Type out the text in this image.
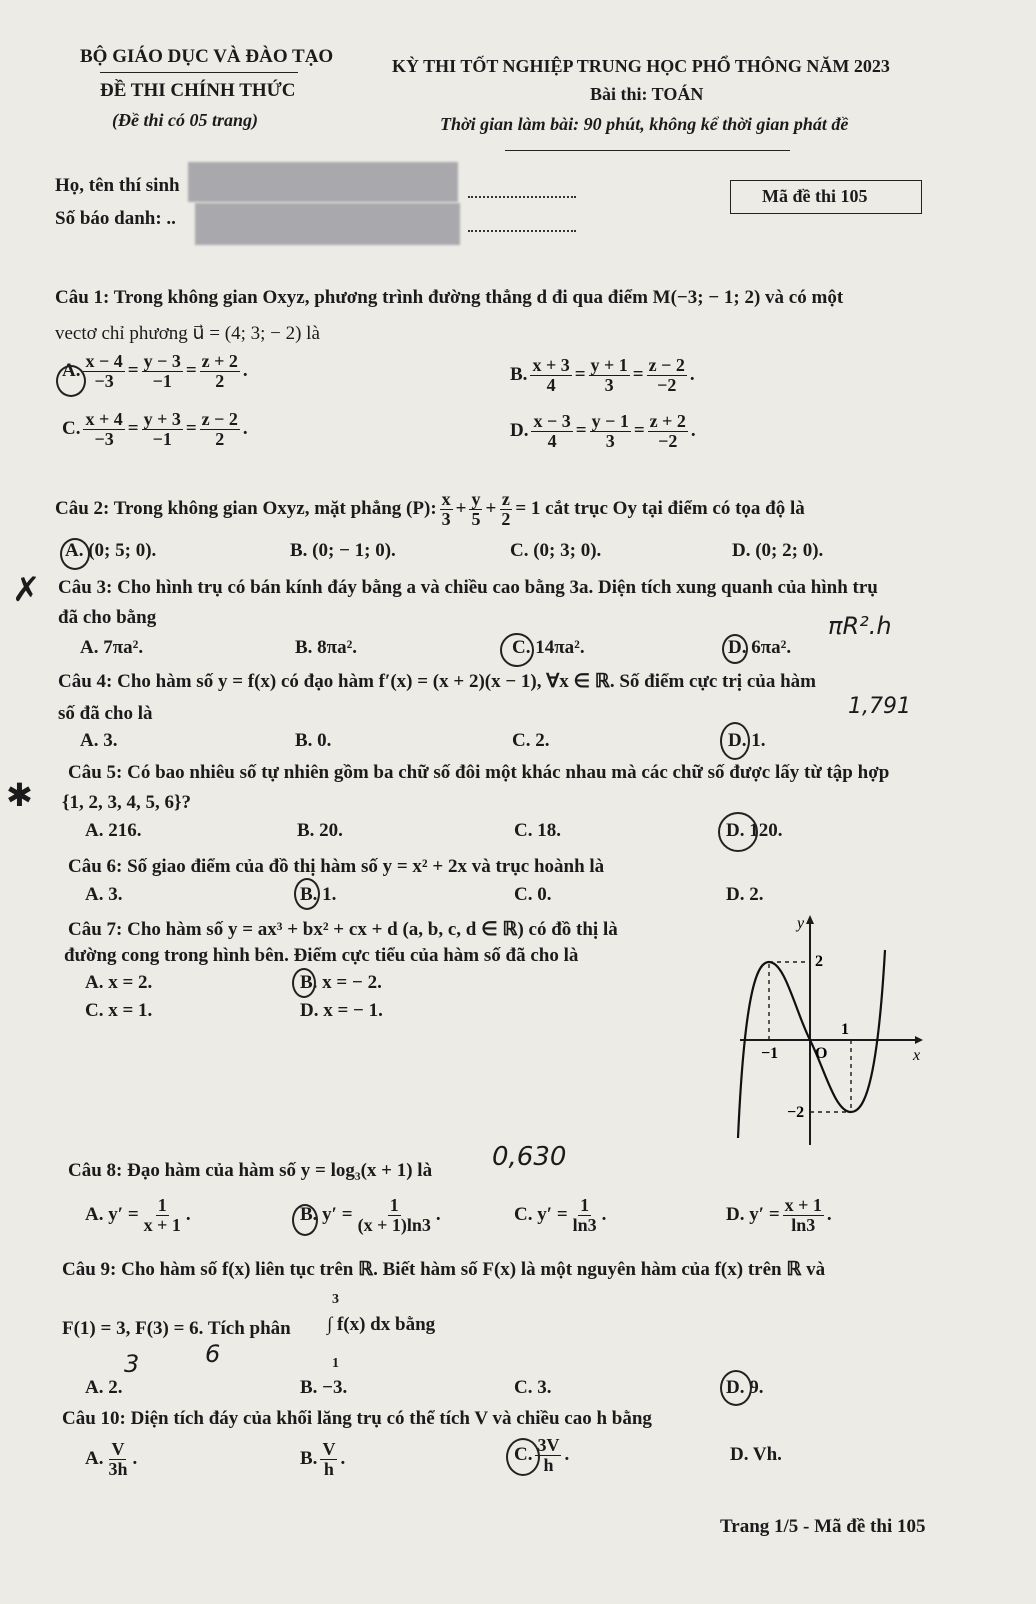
BỘ GIÁO DỤC VÀ ĐÀO TẠO
ĐỀ THI CHÍNH THỨC
(Đề thi có 05 trang)
KỲ THI TỐT NGHIỆP TRUNG HỌC PHỔ THÔNG NĂM 2023
Bài thi: TOÁN
Thời gian làm bài: 90 phút, không kể thời gian phát đề
Họ, tên thí sinh
Số báo danh: ..
Mã đề thi 105
Câu 1: Trong không gian Oxyz, phương trình đường thẳng d đi qua điểm M(−3; − 1; 2) và có một
vectơ chỉ phương u⃗ = (4; 3; − 2) là
A. $\frac{x - 4}{-3} = \frac{y - 3}{-1} = \frac{z + 2}{2}$ .	B. $\frac{x + 3}{4} = \frac{y + 1}{3} = \frac{z - 2}{-2}$ .
C. $\frac{x + 4}{-3} = \frac{y + 3}{-1} = \frac{z - 2}{2}$ .	D. $\frac{x - 3}{4} = \frac{y - 1}{3} = \frac{z + 2}{-2}$ .
Câu 2: Trong không gian Oxyz, mặt phẳng (P): $\frac{x}{3} + \frac{y}{5} + \frac{z}{2} = 1$ cắt trục Oy tại điểm có tọa độ là
A. (0; 5; 0).	B. (0; − 1; 0).	C. (0; 3; 0).	D. (0; 2; 0).
Câu 3: Cho hình trụ có bán kính đáy bằng a và chiều cao bằng 3a. Diện tích xung quanh của hình trụ
đã cho bằng
A. 7πa².	B. 8πa².	C. 14πa².	D. 6πa².
πR².h
✗
Câu 4: Cho hàm số y = f(x) có đạo hàm f′(x) = (x + 2)(x − 1), ∀x ∈ ℝ. Số điểm cực trị của hàm
số đã cho là
A. 3.	B. 0.	C. 2.	D. 1.
1,791
Câu 5: Có bao nhiêu số tự nhiên gồm ba chữ số đôi một khác nhau mà các chữ số được lấy từ tập hợp
{1, 2, 3, 4, 5, 6}?
A. 216.	B. 20.	C. 18.	D. 120.
✱
Câu 6: Số giao điểm của đồ thị hàm số y = x² + 2x và trục hoành là
A. 3.	B. 1.	C. 0.	D. 2.
Câu 7: Cho hàm số y = ax³ + bx² + cx + d (a, b, c, d ∈ ℝ) có đồ thị là
đường cong trong hình bên. Điểm cực tiểu của hàm số đã cho là
A. x = 2.	B. x = − 2.
C. x = 1.	D. x = − 1.
y
x
2
1
−1 O
−2
Câu 8: Đạo hàm của hàm số y = log₃(x + 1) là 0,630
A. $y' = \frac{1}{x + 1}$ .	B. $y' = \frac{1}{(x + 1)\ln 3}$ .	C. $y' = \frac{1}{\ln 3}$ .	D. $y' = \frac{x + 1}{\ln 3}$ .
Câu 9: Cho hàm số f(x) liên tục trên ℝ. Biết hàm số F(x) là một nguyên hàm của f(x) trên ℝ và
F(1) = 3, F(3) = 6. Tích phân
3
1
∫ f(x) dx bằng
A. 2.
3	6
B. −3.	C. 3.	D. 9.
Câu 10: Diện tích đáy của khối lăng trụ có thể tích V và chiều cao h bằng
A. $\frac{V}{3h}$ .	B. $\frac{V}{h}$ .	C. $\frac{3V}{h}$ .	D. Vh.
Trang 1/5 - Mã đề thi 105
